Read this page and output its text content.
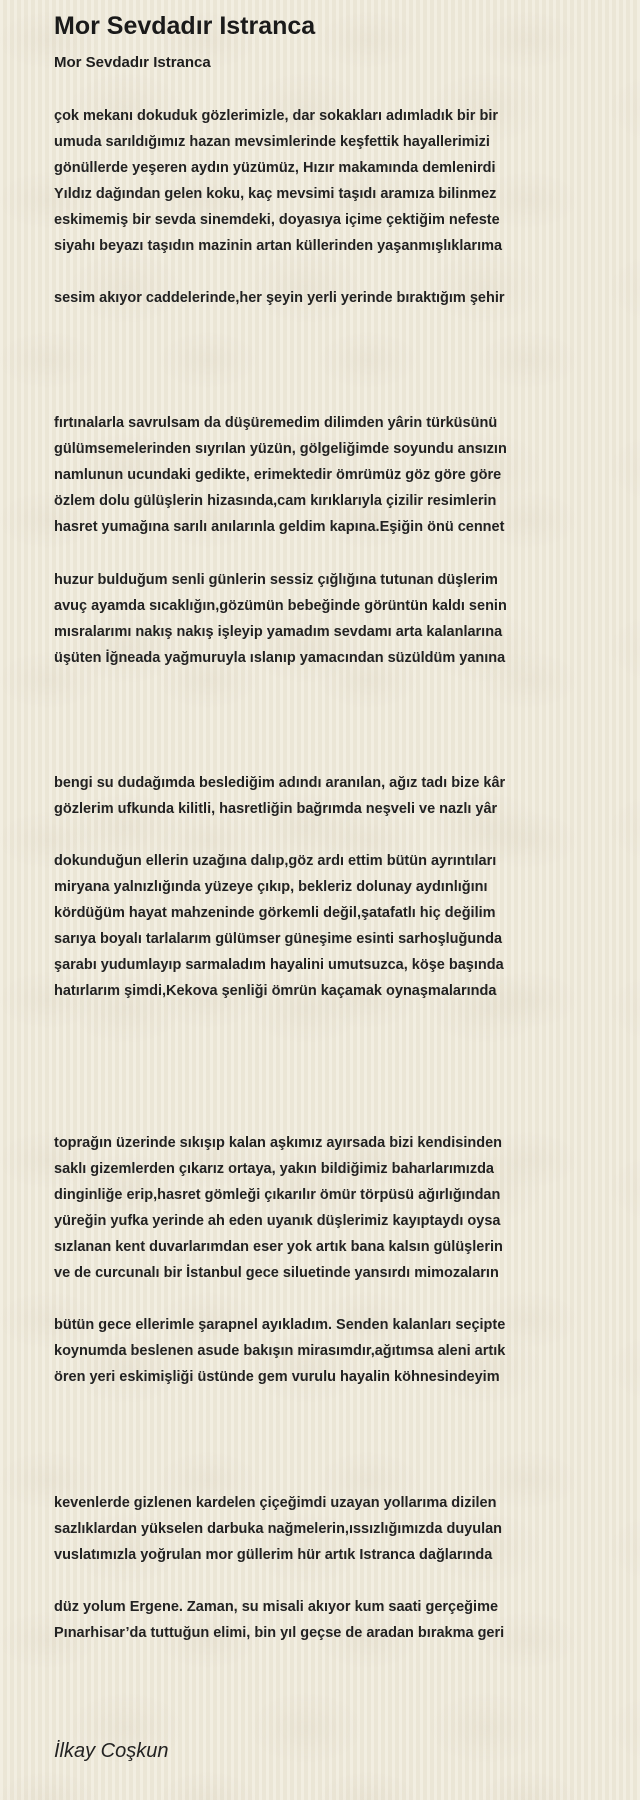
Mor Sevdadır Istranca
Mor Sevdadır Istranca
çok mekanı dokuduk gözlerimizle, dar sokakları adımladık bir bir
umuda sarıldığımız hazan mevsimlerinde keşfettik hayallerimizi
gönüllerde yeşeren aydın yüzümüz, Hızır makamında demlenirdi
Yıldız dağından gelen koku, kaç mevsimi taşıdı aramıza bilinmez
eskimemiş bir sevda sinemdeki, doyasıya içime çektiğim nefeste
siyahı beyazı taşıdın mazinin artan küllerinden yaşanmışlıklarıma
sesim akıyor caddelerinde,her şeyin yerli yerinde bıraktığım şehir
fırtınalarla savrulsam da düşüremedim dilimden yârin türküsünü
gülümsemelerinden sıyrılan yüzün, gölgeliğimde soyundu ansızın
namlunun ucundaki gedikte, erimektedir ömrümüz göz göre göre
özlem dolu gülüşlerin hizasında,cam kırıklarıyla çizilir resimlerin
hasret yumağına sarılı anılarınla geldim kapına.Eşiğin önü cennet
huzur bulduğum senli günlerin sessiz çığlığına tutunan düşlerim
avuç ayamda sıcaklığın,gözümün bebeğinde görüntün kaldı senin
mısralarımı nakış nakış işleyip yamadım sevdamı arta kalanlarına
üşüten İğneada yağmuruyla ıslanıp yamacından süzüldüm yanına
bengi su dudağımda beslediğim adındı aranılan, ağız tadı bize kâr
gözlerim ufkunda kilitli, hasretliğin bağrımda neşveli ve nazlı yâr
dokunduğun ellerin uzağına dalıp,göz ardı ettim bütün ayrıntıları
miryana yalnızlığında yüzeye çıkıp, bekleriz dolunay aydınlığını
kördüğüm hayat mahzeninde görkemli değil,şatafatlı hiç değilim
sarıya boyalı tarlalarım gülümser güneşime esinti sarhoşluğunda
şarabı yudumlayıp sarmaladım hayalini umutsuzca, köşe başında
hatırlarım şimdi,Kekova şenliği ömrün kaçamak oynaşmalarında
toprağın üzerinde sıkışıp kalan aşkımız ayırsada bizi kendisinden
saklı gizemlerden çıkarız ortaya, yakın bildiğimiz baharlarımızda
dinginliğe erip,hasret gömleği çıkarılır ömür törpüsü ağırlığından
yüreğin yufka yerinde ah eden uyanık düşlerimiz kayıptaydı oysa
sızlanan kent duvarlarımdan eser yok artık bana kalsın gülüşlerin
ve de curcunalı bir İstanbul gece siluetinde yansırdı mimozaların
bütün gece ellerimle şarapnel ayıkladım. Senden kalanları seçipte
koynumda beslenen asude bakışın mirasımdır,ağıtımsa aleni artık
ören yeri eskimişliği üstünde gem vurulu hayalin köhnesindeyim
kevenlerde gizlenen kardelen çiçeğimdi uzayan yollarıma dizilen
sazlıklardan yükselen darbuka nağmelerin,ıssızlığımızda duyulan
vuslatımızla yoğrulan mor güllerim hür artık Istranca dağlarında
düz yolum Ergene. Zaman, su misali akıyor kum saati gerçeğime
Pınarhisar’da tuttuğun elimi, bin yıl geçse de aradan bırakma geri
İlkay Coşkun
